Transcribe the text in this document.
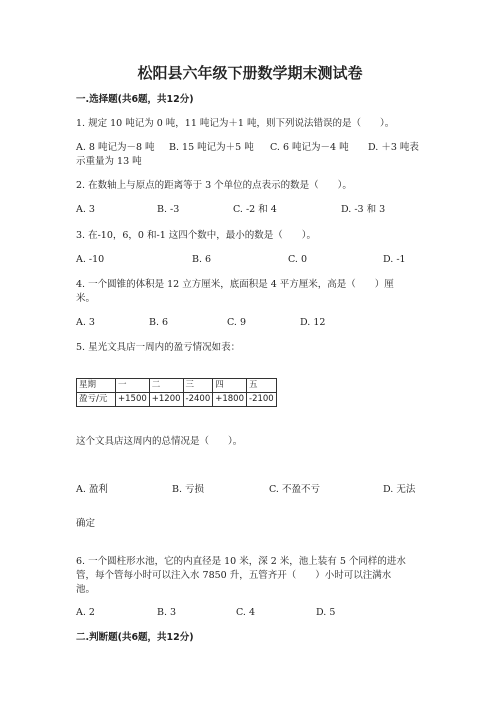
松阳县六年级下册数学期末测试卷
一.选择题(共6题，共12分)
1. 规定 10 吨记为 0 吨，11 吨记为＋1 吨，则下列说法错误的是（　　）。
A. 8 吨记为－8 吨 B. 15 吨记为＋5 吨 C. 6 吨记为－4 吨 D. ＋3 吨表
示重量为 13 吨
2. 在数轴上与原点的距离等于 3 个单位的点表示的数是（　　）。
A. 3	B. -3	C. -2 和 4	D. -3 和 3
3. 在-10，6，0 和-1 这四个数中，最小的数是（　　）。
A. -10	B. 6	C. 0	D. -1
4. 一个圆锥的体积是 12 立方厘米，底面积是 4 平方厘米，高是（　　）厘
米。
A. 3	B. 6	C. 9	D. 12
5. 星光文具店一周内的盈亏情况如表：
星期	一	二	三	四	五
盈亏/元	+1500	+1200	-2400	+1800	-2100
这个文具店这周内的总情况是（　　）。
A. 盈利	B. 亏损	C. 不盈不亏	D. 无法
确定
6. 一个圆柱形水池，它的内直径是 10 米，深 2 米，池上装有 5 个同样的进水
管，每个管每小时可以注入水 7850 升，五管齐开（　　）小时可以注满水
池。
A. 2	B. 3	C. 4	D. 5
二.判断题(共6题，共12分)
